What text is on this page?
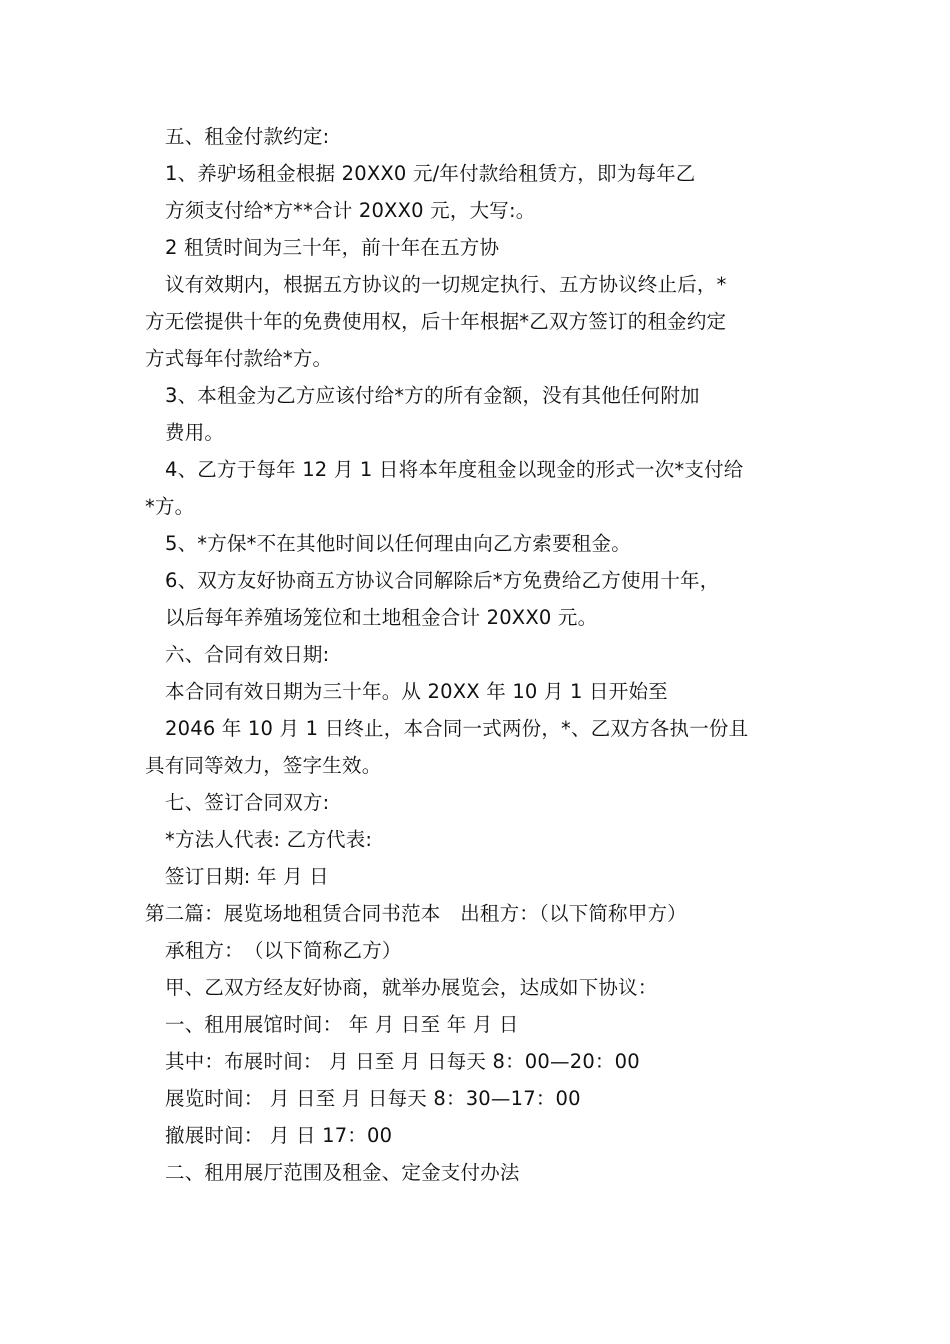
五、租金付款约定:
1、养驴场租金根据 20XX0 元/年付款给租赁方，即为每年乙
方须支付给*方**合计 20XX0 元，大写:。
2 租赁时间为三十年，前十年在五方协
议有效期内，根据五方协议的一切规定执行、五方协议终止后，*
方无偿提供十年的免费使用权，后十年根据*乙双方签订的租金约定
方式每年付款给*方。
3、本租金为乙方应该付给*方的所有金额，没有其他任何附加
费用。
4、乙方于每年 12 月 1 日将本年度租金以现金的形式一次*支付给
*方。
5、*方保*不在其他时间以任何理由向乙方索要租金。
6、双方友好协商五方协议合同解除后*方免费给乙方使用十年，
以后每年养殖场笼位和土地租金合计 20XX0 元。
六、合同有效日期:
本合同有效日期为三十年。从 20XX 年 10 月 1 日开始至
2046 年 10 月 1 日终止，本合同一式两份，*、乙双方各执一份且
具有同等效力，签字生效。
七、签订合同双方:
*方法人代表: 乙方代表:
签订日期: 年 月 日
第二篇：展览场地租赁合同书范本　出租方：（以下简称甲方）
承租方：　（以下简称乙方）
甲、乙双方经友好协商，就举办展览会，达成如下协议：
一、租用展馆时间： 年 月 日至 年 月 日
其中：布展时间： 月 日至 月 日每天 8：00—20：00
展览时间： 月 日至 月 日每天 8：30—17：00
撤展时间： 月 日 17：00
二、租用展厅范围及租金、定金支付办法
